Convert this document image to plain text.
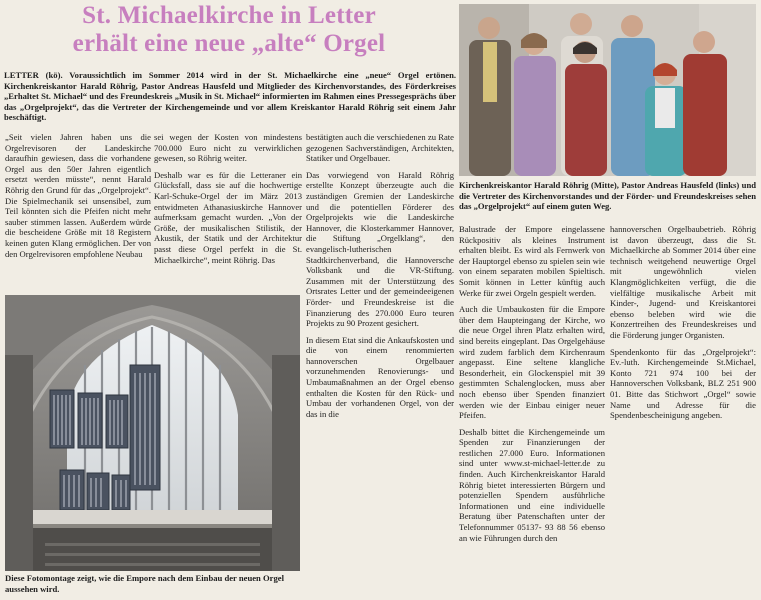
St. Michaelkirche in Letter
erhält eine neue „alte“ Orgel
LETTER (kö). Voraussichtlich im Sommer 2014 wird in der St. Michaelkirche eine „neue“ Orgel ertönen. Kirchenkreiskantor Harald Röhrig, Pastor Andreas Hausfeld und Mitglieder des Kirchenvorstandes, des Förderkreises „Erhaltet St. Michael“ und des Freundeskreis „Musik in St. Michael“ informierten im Rahmen eines Pressegesprächs über das „Orgelprojekt“, das die Vertreter der Kirchengemeinde und vor allem Kreiskantor Harald Röhrig seit einem Jahr beschäftigt.

„Seit vielen Jahren haben uns die Orgelrevisoren der Landeskirche daraufhin gewiesen, dass die vorhandene Orgel aus den 50er Jahren eigentlich ersetzt werden müsste“, nennt Harald Röhrig den Grund für das „Orgelprojekt“. Die Spielmechanik sei unsensibel, zum Teil könnten sich die Pfeifen nicht mehr sauber stimmen lassen. Außerdem würde die bescheidene Größe mit 18 Registern keinen guten Klang ermöglichen. Der von den Orgelrevisoren empfohlene Neubau

sei wegen der Kosten von mindestens 700.000 Euro nicht zu verwirklichen gewesen, so Röhrig weiter.

Deshalb war es für die Letteraner ein Glücksfall, dass sie auf die hochwertige Karl-Schuke-Orgel der im März 2013 entwidmeten Athanasiuskirche Hannover aufmerksam gemacht wurden. „Von der Größe, der musikalischen Stilistik, der Akustik, der Statik und der Architektur passt diese Orgel perfekt in die St. Michaelkirche“, meint Röhrig. Das

bestätigten auch die verschiedenen zu Rate gezogenen Sachverständigen, Architekten, Statiker und Orgelbauer.

Das vorwiegend von Harald Röhrig erstellte Konzept überzeugte auch die zuständigen Gremien der Landeskirche und die potentiellen Förderer des Orgelprojekts wie die Landeskirche Hannover, die Klosterkammer Hannover, die Stiftung „Orgelklang“, den evangelisch-lutherischen Stadtkirchenverband, die Hannoversche Volksbank und die VR-Stiftung. Zusammen mit der Unterstützung des Ortsrates Letter und der gemeindeeigenen Förder- und Freundeskreise ist die Finanzierung des 270.000 Euro teuren Projekts zu 90 Prozent gesichert.

In diesem Etat sind die Ankaufskosten und die von einem renommierten hannoverschen Orgelbauer vorzunehmenden Renovierungs- und Umbaumaßnahmen an der Orgel ebenso enthalten die Kosten für den Rück- und Umbau der vorhandenen Orgel, von der das in die

Diese Fotomontage zeigt, wie die Empore nach dem Einbau der neuen Orgel aussehen wird.
Kirchenkreiskantor Harald Röhrig (Mitte), Pastor Andreas Hausfeld (links) und die Vertreter des Kirchenvorstandes und der Förder- und Freundeskreises sehen das „Orgelprojekt“ auf einem guten Weg.

Balustrade der Empore eingelassene Rückpositiv als kleines Instrument erhalten bleibt. Es wird als Fernwerk von der Hauptorgel ebenso zu spielen sein wie von einem separaten mobilen Spieltisch. Somit können in Letter künftig auch Werke für zwei Orgeln gespielt werden.

Auch die Umbaukosten für die Empore über dem Haupteingang der Kirche, wo die neue Orgel ihren Platz erhalten wird, sind bereits eingeplant. Das Orgelgehäuse wird zudem farblich dem Kirchenraum angepasst. Eine seltene klangliche Besonderheit, ein Glockenspiel mit 39 gestimmten Schalenglocken, muss aber noch ebenso über Spenden finanziert werden wie der Einbau einiger neuer Pfeifen.

Deshalb bittet die Kirchengemeinde um Spenden zur Finanzierungen der restlichen 27.000 Euro. Informationen sind unter www.st-michael-letter.de zu finden. Auch Kirchenkreiskantor Harald Röhrig bietet interessierten Bürgern und potenziellen Spendern ausführliche Informationen und eine individuelle Beratung über Patenschaften unter der Telefonnummer 05137- 93 88 56 ebenso an wie Führungen durch den

hannoverschen Orgelbaubetrieb. Röhrig ist davon überzeugt, dass die St. Michaelkirche ab Sommer 2014 über eine technisch weitgehend neuwertige Orgel mit ungewöhnlich vielen Klangmöglichkeiten verfügt, die die vielfältige musikalische Arbeit mit Kinder-, Jugend- und Kreiskantorei ebenso beleben wird wie die Konzertreihen des Freundeskreises und die Förderung junger Organisten.

Spendenkonto für das „Orgelprojekt“: Ev.-luth. Kirchengemeinde St.Michael, Konto 721 974 100 bei der Hannoverschen Volksbank, BLZ 251 900 01. Bitte das Stichwort „Orgel“ sowie Name und Adresse für die Spendenbescheinigung angeben.
